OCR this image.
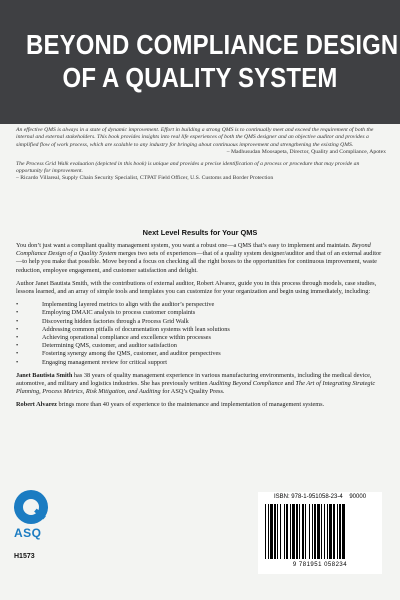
BEYOND COMPLIANCE DESIGN
OF A QUALITY SYSTEM

An effective QMS is always in a state of dynamic improvement. Effort in building a strong QMS is to continually meet and exceed the requirement of both the internal and external stakeholders. This book provides insights into real life experiences of both the QMS designer and an objective auditor and provides a simplified flow of work process, which are scalable to any industry for bringing about continuous improvement and strengthening the existing QMS.

– Madhusudan Moosapeta, Director, Quality and Compliance, Apotex

The Process Grid Walk evaluation (depicted in this book) is unique and provides a precise identification of a process or procedure that may provide an opportunity for improvement.

– Ricardo Villareal, Supply Chain Security Specialist, CTPAT Field Officer, U.S. Customs and Border Protection

Next Level Results for Your QMS

You don’t just want a compliant quality management system, you want a robust one—a QMS that’s easy to implement and maintain. Beyond Compliance Design of a Quality System merges two sets of experiences—that of a quality system designer/auditor and that of an external auditor—to help you make that possible. Move beyond a focus on checking all the right boxes to the opportunities for continuous improvement, waste reduction, employee engagement, and customer satisfaction and delight.

Author Janet Bautista Smith, with the contributions of external auditor, Robert Alvarez, guide you in this process through models, case studies, lessons learned, and an array of simple tools and templates you can customize for your organization and begin using immediately, including:

• Implementing layered metrics to align with the auditor’s perspective
• Employing DMAIC analysis to process customer complaints
• Discovering hidden factories through a Process Grid Walk
• Addressing common pitfalls of documentation systems with lean solutions
• Achieving operational compliance and excellence within processes
• Determining QMS, customer, and auditor satisfaction
• Fostering synergy among the QMS, customer, and auditor perspectives
• Engaging management review for critical support

Janet Bautista Smith has 38 years of quality management experience in various manufacturing environments, including the medical device, automotive, and military and logistics industries. She has previously written Auditing Beyond Compliance and The Art of Integrating Strategic Planning, Process Metrics, Risk Mitigation, and Auditing for ASQ’s Quality Press.

Robert Alvarez brings more than 40 years of experience to the maintenance and implementation of management systems.

ASQ

H1573

ISBN: 978-1-951058-23-4 90000

9 781951 058234
